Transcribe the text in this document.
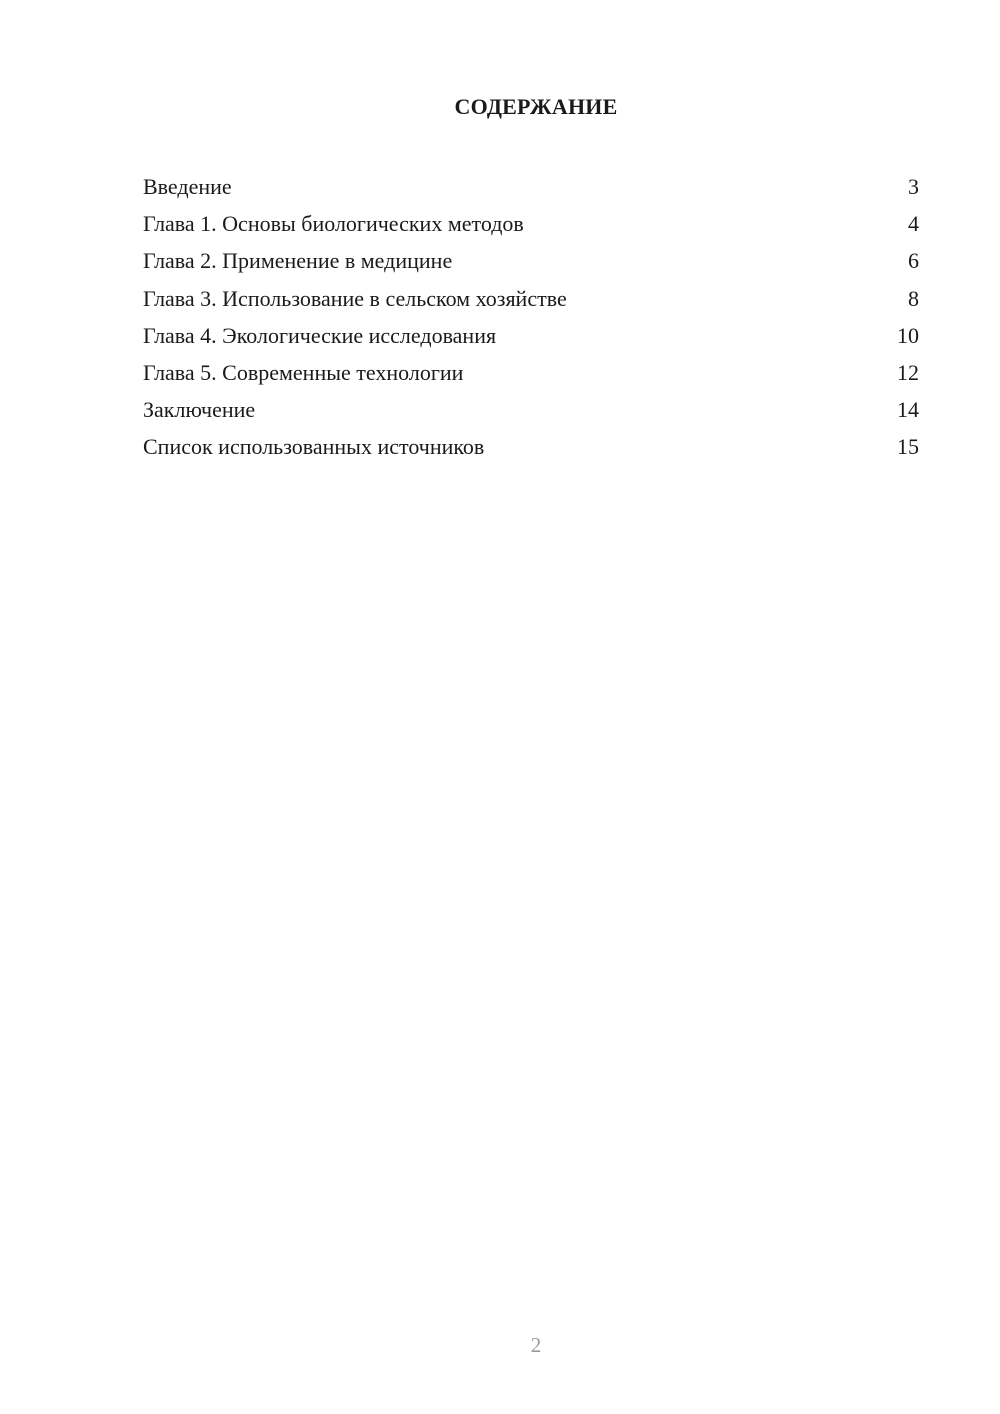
СОДЕРЖАНИЕ
Введение	3
Глава 1. Основы биологических методов	4
Глава 2. Применение в медицине	6
Глава 3. Использование в сельском хозяйстве	8
Глава 4. Экологические исследования	10
Глава 5. Современные технологии	12
Заключение	14
Список использованных источников	15
2
